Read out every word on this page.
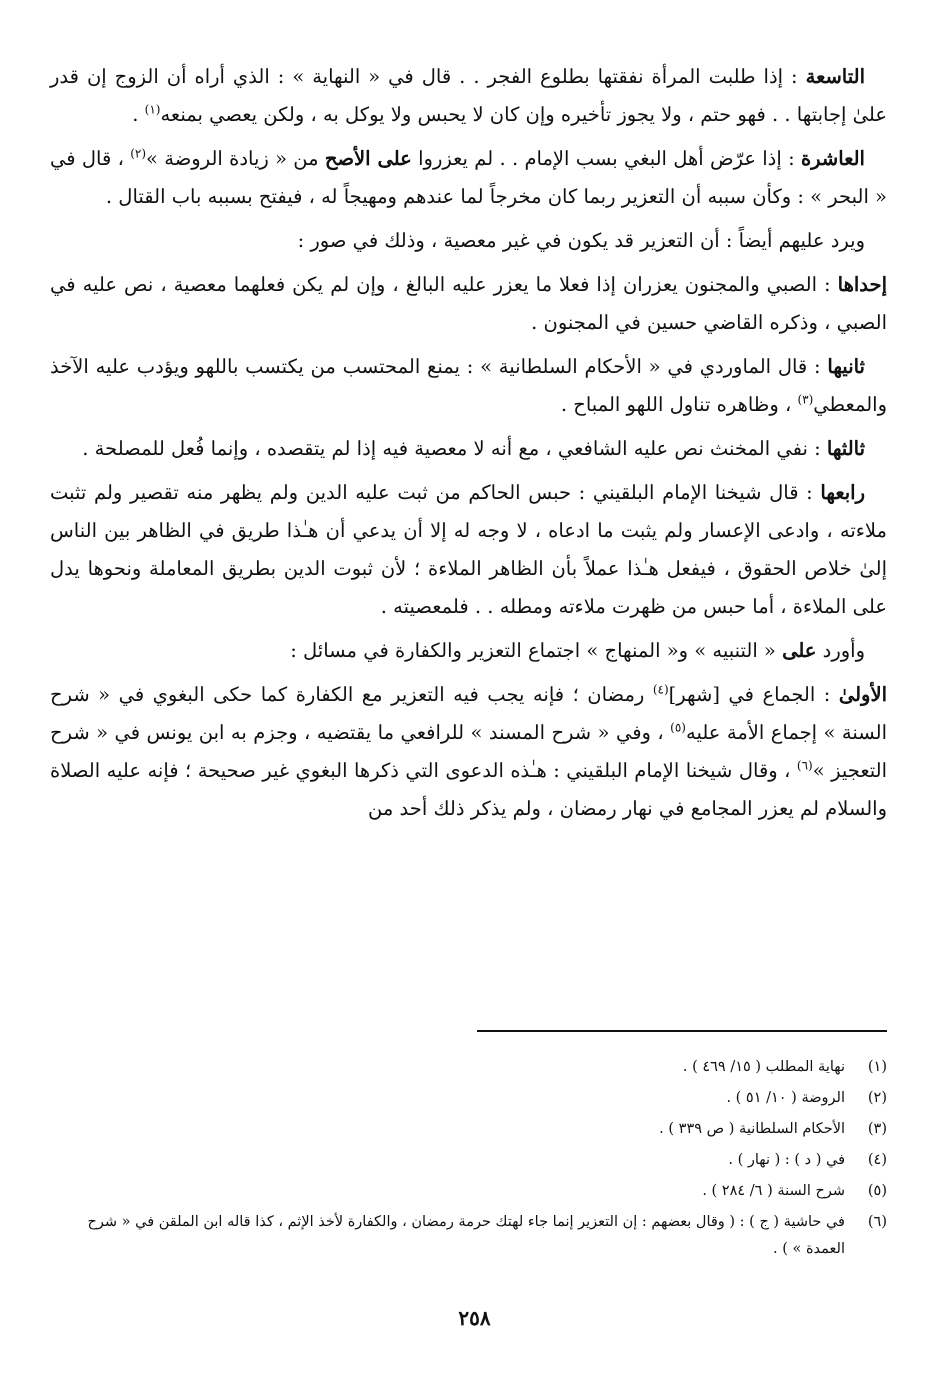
التاسعة : إذا طلبت المرأة نفقتها بطلوع الفجر . . قال في « النهاية » : الذي أراه أن الزوج إن قدر علىٰ إجابتها . . فهو حتم ، ولا يجوز تأخيره وإن كان لا يحبس ولا يوكل به ، ولكن يعصي بمنعه$^{(١)}$ .

العاشرة : إذا عرّض أهل البغي بسب الإمام . . لم يعزروا على الأصح من « زيادة الروضة »$^{(٢)}$ ، قال في « البحر » : وكأن سببه أن التعزير ربما كان مخرجاً لما عندهم ومهيجاً له ، فيفتح بسببه باب القتال .

ويرد عليهم أيضاً : أن التعزير قد يكون في غير معصية ، وذلك في صور :

إحداها : الصبي والمجنون يعزران إذا فعلا ما يعزر عليه البالغ ، وإن لم يكن فعلهما معصية ، نص عليه في الصبي ، وذكره القاضي حسين في المجنون .

ثانيها : قال الماوردي في « الأحكام السلطانية » : يمنع المحتسب من يكتسب باللهو ويؤدب عليه الآخذ والمعطي$^{(٣)}$ ، وظاهره تناول اللهو المباح .

ثالثها : نفي المخنث نص عليه الشافعي ، مع أنه لا معصية فيه إذا لم يتقصده ، وإنما فُعل للمصلحة .

رابعها : قال شيخنا الإمام البلقيني : حبس الحاكم من ثبت عليه الدين ولم يظهر منه تقصير ولم تثبت ملاءته ، وادعى الإعسار ولم يثبت ما ادعاه ، لا وجه له إلا أن يدعي أن هـٰذا طريق في الظاهر بين الناس إلىٰ خلاص الحقوق ، فيفعل هـٰذا عملاً بأن الظاهر الملاءة ؛ لأن ثبوت الدين بطريق المعاملة ونحوها يدل على الملاءة ، أما حبس من ظهرت ملاءته ومطله . . فلمعصيته .

وأورد على « التنبيه » و« المنهاج » اجتماع التعزير والكفارة في مسائل :

الأولىٰ : الجماع في [شهر]$^{(٤)}$ رمضان ؛ فإنه يجب فيه التعزير مع الكفارة كما حكى البغوي في « شرح السنة » إجماع الأمة عليه$^{(٥)}$ ، وفي « شرح المسند » للرافعي ما يقتضيه ، وجزم به ابن يونس في « شرح التعجيز »$^{(٦)}$ ، وقال شيخنا الإمام البلقيني : هـٰذه الدعوى التي ذكرها البغوي غير صحيحة ؛ فإنه عليه الصلاة والسلام لم يعزر المجامع في نهار رمضان ، ولم يذكر ذلك أحد من

(١)
نهاية المطلب ( ١٥/ ٤٦٩ ) .
(٢)
الروضة ( ١٠/ ٥١ ) .
(٣)
الأحكام السلطانية ( ص ٣٣٩ ) .
(٤)
في ( د ) : ( نهار ) .
(٥)
شرح السنة ( ٦/ ٢٨٤ ) .
(٦)
في حاشية ( ج ) : ( وقال بعضهم : إن التعزير إنما جاء لهتك حرمة رمضان ، والكفارة لأخذ الإثم ، كذا قاله ابن الملقن في « شرح العمدة » ) .
٢٥٨
